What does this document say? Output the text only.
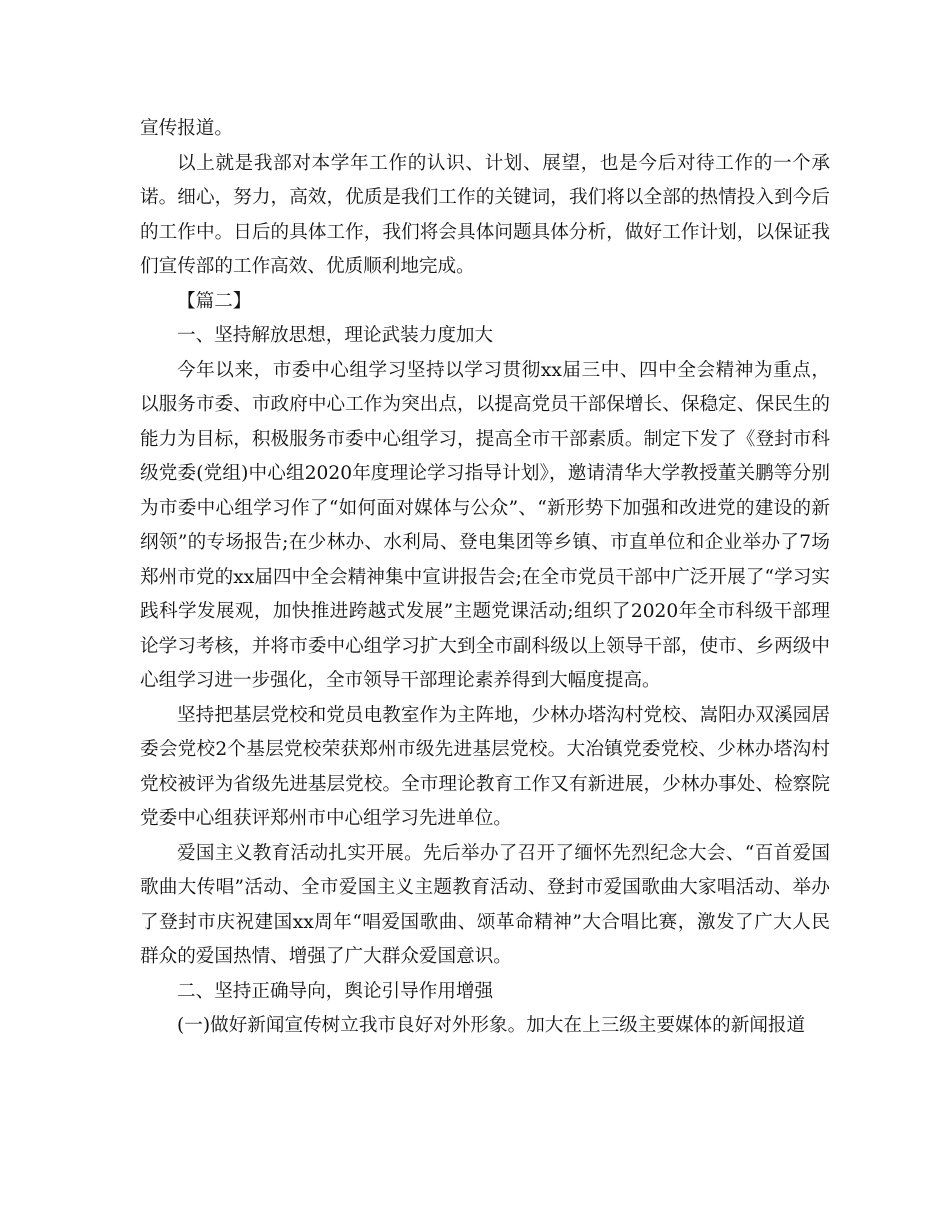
宣传报道。

以上就是我部对本学年工作的认识、计划、展望，也是今后对待工作的一个承诺。细心，努力，高效，优质是我们工作的关键词，我们将以全部的热情投入到今后的工作中。日后的具体工作，我们将会具体问题具体分析，做好工作计划，以保证我们宣传部的工作高效、优质顺利地完成。

【篇二】

一、坚持解放思想，理论武装力度加大

今年以来，市委中心组学习坚持以学习贯彻xx届三中、四中全会精神为重点，以服务市委、市政府中心工作为突出点，以提高党员干部保增长、保稳定、保民生的能力为目标，积极服务市委中心组学习，提高全市干部素质。制定下发了《登封市科级党委(党组)中心组2020年度理论学习指导计划》，邀请清华大学教授董关鹏等分别为市委中心组学习作了“如何面对媒体与公众”、“新形势下加强和改进党的建设的新纲领”的专场报告;在少林办、水利局、登电集团等乡镇、市直单位和企业举办了7场郑州市党的xx届四中全会精神集中宣讲报告会;在全市党员干部中广泛开展了“学习实践科学发展观，加快推进跨越式发展”主题党课活动;组织了2020年全市科级干部理论学习考核，并将市委中心组学习扩大到全市副科级以上领导干部，使市、乡两级中心组学习进一步强化，全市领导干部理论素养得到大幅度提高。

坚持把基层党校和党员电教室作为主阵地，少林办塔沟村党校、嵩阳办双溪园居委会党校2个基层党校荣获郑州市级先进基层党校。大冶镇党委党校、少林办塔沟村党校被评为省级先进基层党校。全市理论教育工作又有新进展，少林办事处、检察院党委中心组获评郑州市中心组学习先进单位。

爱国主义教育活动扎实开展。先后举办了召开了缅怀先烈纪念大会、“百首爱国歌曲大传唱”活动、全市爱国主义主题教育活动、登封市爱国歌曲大家唱活动、举办了登封市庆祝建国xx周年“唱爱国歌曲、颂革命精神”大合唱比赛，激发了广大人民群众的爱国热情、增强了广大群众爱国意识。

二、坚持正确导向，舆论引导作用增强

(一)做好新闻宣传树立我市良好对外形象。加大在上三级主要媒体的新闻报道
